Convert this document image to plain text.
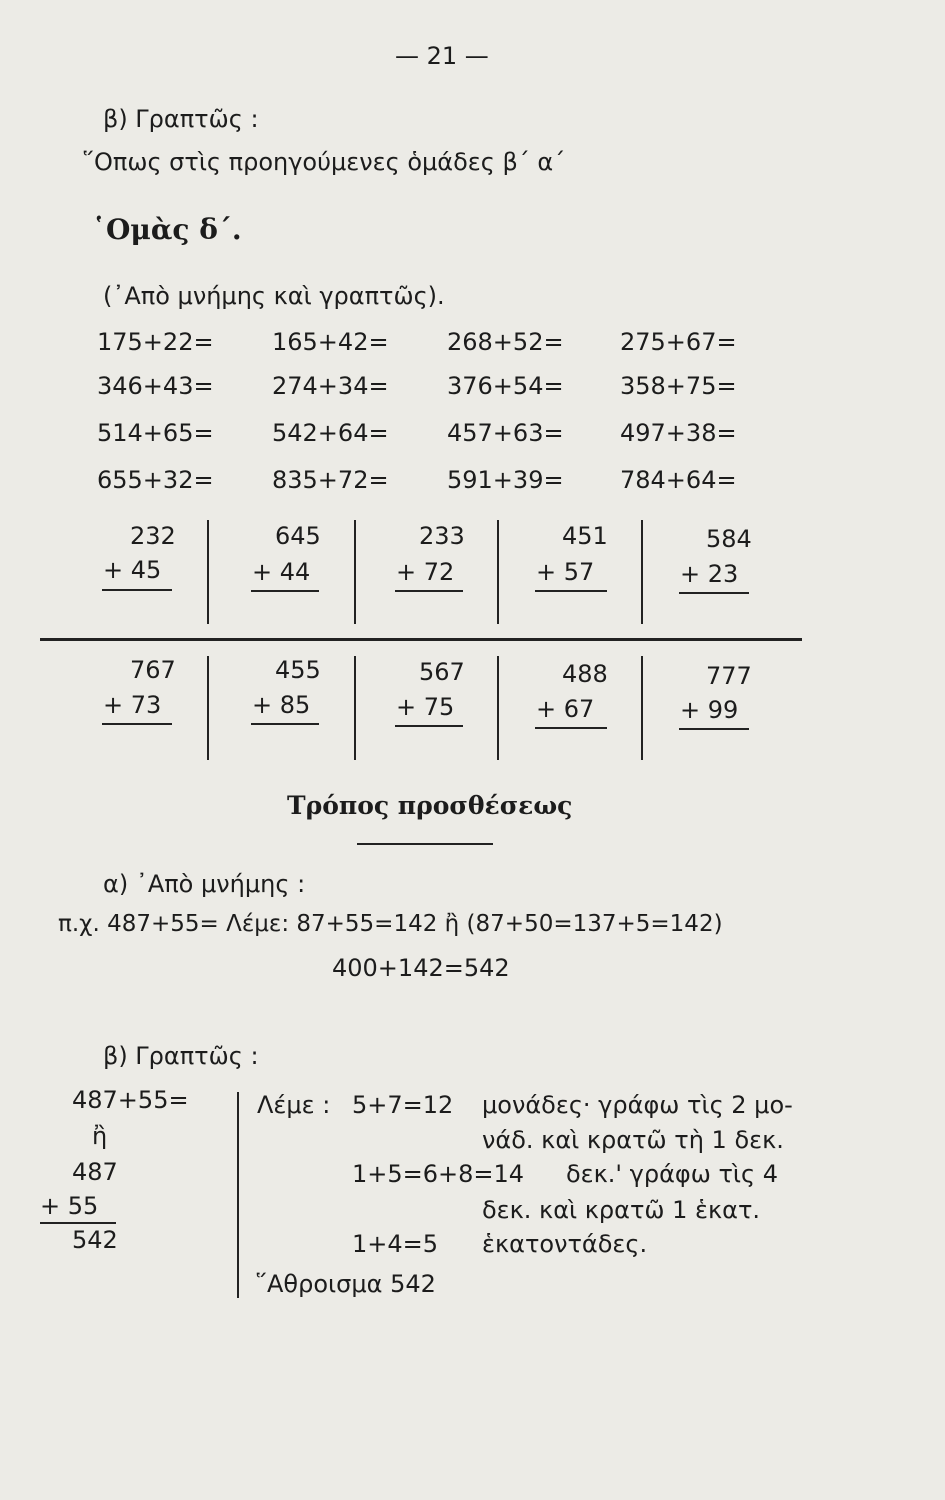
— 21 —
β) Γραπτῶς :
῞Οπως στὶς προηγούμενες ὁμάδες β΄ α΄
῾Ομὰς δ΄.
(᾿Απὸ μνήμης καὶ γραπτῶς).
175+22= 165+42= 268+52= 275+67=
346+43= 274+34= 376+54= 358+75=
514+65= 542+64= 457+63= 497+38=
655+32= 835+72= 591+39= 784+64=
232
+ 45
645
+ 44
233
+ 72
451
+ 57
584
+ 23
767
+ 73
455
+ 85
567
+ 75
488
+ 67
777
+ 99
Τρόπος προσθέσεως
α) ᾿Απὸ μνήμης :
π.χ. 487+55= Λέμε: 87+55=142 ἢ (87+50=137+5=142)
400+142=542
β) Γραπτῶς :
487+55=
ἢ
487
+ 55
542
Λέμε : 5+7=12 μονάδες· γράφω τὶς 2 μο-
νάδ. καὶ κρατῶ τὴ 1 δεκ.
1+5=6+8=14 δεκ.' γράφω τὶς 4
δεκ. καὶ κρατῶ 1 ἑκατ.
1+4=5 ἑκατοντάδες.
῞Αθροισμα 542
